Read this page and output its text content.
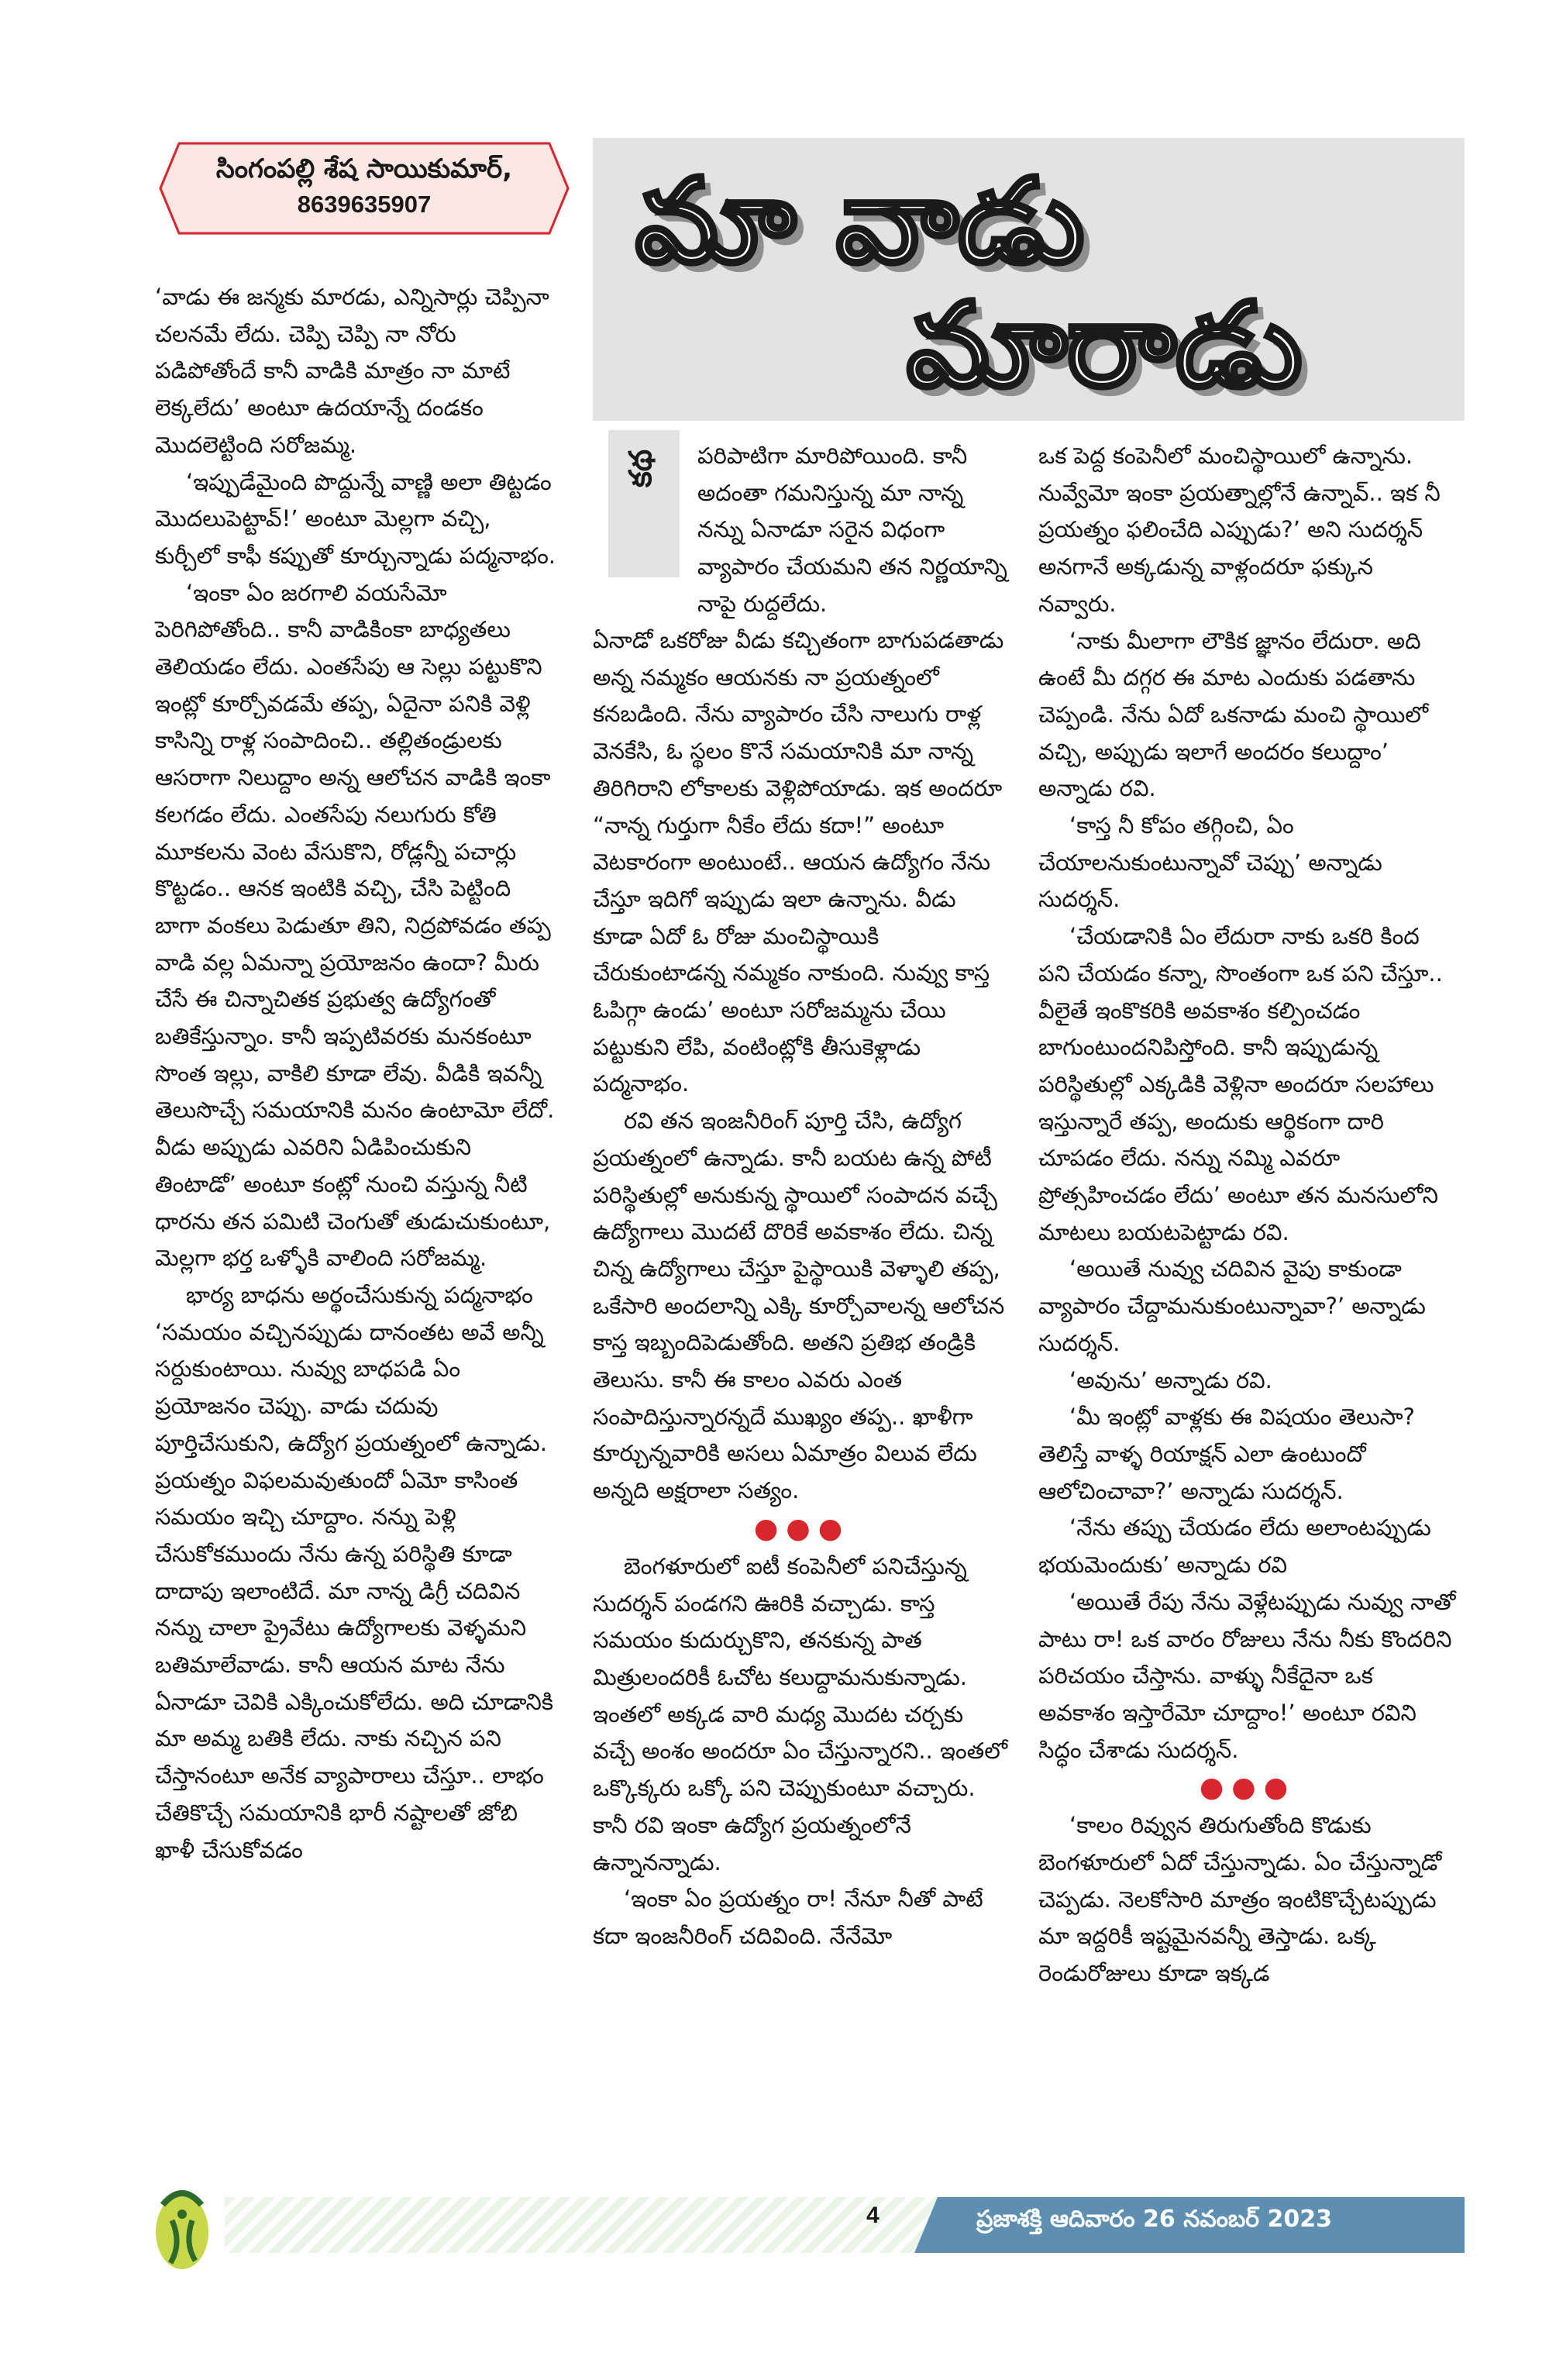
సింగంపల్లి శేష సాయికుమార్‌,
8639635907	మా వాడు
మారాడు
కథ

‘వాడు ఈ జన్మకు మారడు, ఎన్నిసార్లు చెప్పినా చలనమే లేదు. చెప్పి చెప్పి నా నోరు పడిపోతోందే కానీ వాడికి మాత్రం నా మాటే లెక్కలేదు’ అంటూ ఉదయాన్నే దండకం మొదలెట్టింది సరోజమ్మ.

‘ఇప్పుడేమైంది పొద్దున్నే వాణ్ణి అలా తిట్టడం మొదలుపెట్టావ్‌!’ అంటూ మెల్లగా వచ్చి, కుర్చీలో కాఫీ కప్పుతో కూర్చున్నాడు పద్మనాభం.

‘ఇంకా ఏం జరగాలి వయసేమో పెరిగిపోతోంది.. కానీ వాడికింకా బాధ్యతలు తెలియడం లేదు. ఎంతసేపు ఆ సెల్లు పట్టుకొని ఇంట్లో కూర్చోవడమే తప్ప, ఏదైనా పనికి వెళ్లి కాసిన్ని రాళ్ల సంపాదించి.. తల్లితండ్రులకు ఆసరాగా నిలుద్దాం అన్న ఆలోచన వాడికి ఇంకా కలగడం లేదు. ఎంతసేపు నలుగురు కోతి మూకలను వెంట వేసుకొని, రోడ్లన్నీ పచార్లు కొట్టడం.. ఆనక ఇంటికి వచ్చి, చేసి పెట్టింది బాగా వంకలు పెడుతూ తిని, నిద్రపోవడం తప్ప వాడి వల్ల ఏమన్నా ప్రయోజనం ఉందా? మీరు చేసే ఈ చిన్నాచితక ప్రభుత్వ ఉద్యోగంతో బతికేస్తున్నాం. కానీ ఇప్పటివరకు మనకంటూ సొంత ఇల్లు, వాకిలి కూడా లేవు. వీడికి ఇవన్నీ తెలుసొచ్చే సమయానికి మనం ఉంటామో లేదో. వీడు అప్పుడు ఎవరిని ఏడిపించుకుని తింటాడో’ అంటూ కంట్లో నుంచి వస్తున్న నీటి ధారను తన పమిటి చెంగుతో తుడుచుకుంటూ, మెల్లగా భర్త ఒళ్ళోకి వాలింది సరోజమ్మ.

భార్య బాధను అర్థంచేసుకున్న పద్మనాభం ‘సమయం వచ్చినప్పుడు దానంతట అవే అన్నీ సర్దుకుంటాయి. నువ్వు బాధపడి ఏం ప్రయోజనం చెప్పు. వాడు చదువు పూర్తిచేసుకుని, ఉద్యోగ ప్రయత్నంలో ఉన్నాడు. ప్రయత్నం విఫలమవుతుందో ఏమో కాసింత సమయం ఇచ్చి చూద్దాం. నన్ను పెళ్లి చేసుకోకముందు నేను ఉన్న పరిస్థితి కూడా దాదాపు ఇలాంటిదే. మా నాన్న డిగ్రీ చదివిన నన్ను చాలా ప్రైవేటు ఉద్యోగాలకు వెళ్ళమని బతిమాలేవాడు. కానీ ఆయన మాట నేను ఏనాడూ చెవికి ఎక్కించుకోలేదు. అది చూడానికి మా అమ్మ బతికి లేదు. నాకు నచ్చిన పని చేస్తానంటూ అనేక వ్యాపారాలు చేస్తూ.. లాభం చేతికొచ్చే సమయానికి భారీ నష్టాలతో జోబి ఖాళీ చేసుకోవడం

పరిపాటిగా మారిపోయింది. కానీ అదంతా గమనిస్తున్న మా నాన్న నన్ను ఏనాడూ సరైన విధంగా వ్యాపారం చేయమని తన నిర్ణయాన్ని నాపై రుద్దలేదు.

ఏనాడో ఒకరోజు వీడు కచ్చితంగా బాగుపడతాడు అన్న నమ్మకం ఆయనకు నా ప్రయత్నంలో కనబడింది. నేను వ్యాపారం చేసి నాలుగు రాళ్ల వెనకేసి, ఓ స్థలం కొనే సమయానికి మా నాన్న తిరిగిరాని లోకాలకు వెళ్లిపోయాడు. ఇక అందరూ “నాన్న గుర్తుగా నీకేం లేదు కదా!” అంటూ వెటకారంగా అంటుంటే.. ఆయన ఉద్యోగం నేను చేస్తూ ఇదిగో ఇప్పుడు ఇలా ఉన్నాను. వీడు కూడా ఏదో ఓ రోజు మంచిస్థాయికి చేరుకుంటాడన్న నమ్మకం నాకుంది. నువ్వు కాస్త ఓపిగ్గా ఉండు’ అంటూ సరోజమ్మను చేయి పట్టుకుని లేపి, వంటింట్లోకి తీసుకెళ్లాడు పద్మనాభం.

రవి తన ఇంజనీరింగ్‌ పూర్తి చేసి, ఉద్యోగ ప్రయత్నంలో ఉన్నాడు. కానీ బయట ఉన్న పోటీ పరిస్థితుల్లో అనుకున్న స్థాయిలో సంపాదన వచ్చే ఉద్యోగాలు మొదటే దొరికే అవకాశం లేదు. చిన్న చిన్న ఉద్యోగాలు చేస్తూ పైస్థాయికి వెళ్ళాలి తప్ప, ఒకేసారి అందలాన్ని ఎక్కి కూర్చోవాలన్న ఆలోచన కాస్త ఇబ్బందిపెడుతోంది. అతని ప్రతిభ తండ్రికి తెలుసు. కానీ ఈ కాలం ఎవరు ఎంత సంపాదిస్తున్నారన్నదే ముఖ్యం తప్ప.. ఖాళీగా కూర్చున్నవారికి అసలు ఏమాత్రం విలువ లేదు అన్నది అక్షరాలా సత్యం.

●●●

బెంగళూరులో ఐటీ కంపెనీలో పనిచేస్తున్న సుదర్శన్‌ పండగని ఊరికి వచ్చాడు. కాస్త సమయం కుదుర్చుకొని, తనకున్న పాత మిత్రులందరికీ ఓచోట కలుద్దామనుకున్నాడు. ఇంతలో అక్కడ వారి మధ్య మొదట చర్చకు వచ్చే అంశం అందరూ ఏం చేస్తున్నారని.. ఇంతలో ఒక్కొక్కరు ఒక్కో పని చెప్పుకుంటూ వచ్చారు. కానీ రవి ఇంకా ఉద్యోగ ప్రయత్నంలోనే ఉన్నానన్నాడు.

‘ఇంకా ఏం ప్రయత్నం రా! నేనూ నీతో పాటే కదా ఇంజనీరింగ్‌ చదివింది. నేనేమో

ఒక పెద్ద కంపెనీలో మంచిస్థాయిలో ఉన్నాను. నువ్వేమో ఇంకా ప్రయత్నాల్లోనే ఉన్నావ్‌.. ఇక నీ ప్రయత్నం ఫలించేది ఎప్పుడు?’ అని సుదర్శన్‌ అనగానే అక్కడున్న వాళ్లందరూ ఫక్కున నవ్వారు.

‘నాకు మీలాగా లౌకిక జ్ఞానం లేదురా. అది ఉంటే మీ దగ్గర ఈ మాట ఎందుకు పడతాను చెప్పండి. నేను ఏదో ఒకనాడు మంచి స్థాయిలో వచ్చి, అప్పుడు ఇలాగే అందరం కలుద్దాం’ అన్నాడు రవి.

‘కాస్త నీ కోపం తగ్గించి, ఏం చేయాలనుకుంటున్నావో చెప్పు’ అన్నాడు సుదర్శన్‌.

‘చేయడానికి ఏం లేదురా నాకు ఒకరి కింద పని చేయడం కన్నా, సొంతంగా ఒక పని చేస్తూ.. వీలైతే ఇంకొకరికి అవకాశం కల్పించడం బాగుంటుందనిపిస్తోంది. కానీ ఇప్పుడున్న పరిస్థితుల్లో ఎక్కడికి వెళ్లినా అందరూ సలహాలు ఇస్తున్నారే తప్ప, అందుకు ఆర్థికంగా దారి చూపడం లేదు. నన్ను నమ్మి ఎవరూ ప్రోత్సహించడం లేదు’ అంటూ తన మనసులోని మాటలు బయటపెట్టాడు రవి.

‘అయితే నువ్వు చదివిన వైపు కాకుండా వ్యాపారం చేద్దామనుకుంటున్నావా?’ అన్నాడు సుదర్శన్‌.

‘అవును’ అన్నాడు రవి.

‘మీ ఇంట్లో వాళ్లకు ఈ విషయం తెలుసా? తెలిస్తే వాళ్ళ రియాక్షన్‌ ఎలా ఉంటుందో ఆలోచించావా?’ అన్నాడు సుదర్శన్‌.

‘నేను తప్పు చేయడం లేదు అలాంటప్పుడు భయమెందుకు’ అన్నాడు రవి

‘అయితే రేపు నేను వెళ్లేటప్పుడు నువ్వు నాతో పాటు రా! ఒక వారం రోజులు నేను నీకు కొందరిని పరిచయం చేస్తాను. వాళ్ళు నీకేదైనా ఒక అవకాశం ఇస్తారేమో చూద్దాం!’ అంటూ రవిని సిద్ధం చేశాడు సుదర్శన్‌.

●●●

‘కాలం రివ్వున తిరుగుతోంది కొడుకు బెంగళూరులో ఏదో చేస్తున్నాడు. ఏం చేస్తున్నాడో చెప్పడు. నెలకోసారి మాత్రం ఇంటికొచ్చేటప్పుడు మా ఇద్దరికీ ఇష్టమైనవన్నీ తెస్తాడు. ఒక్క రెండురోజులు కూడా ఇక్కడ

4	ప్రజాశక్తి ఆదివారం 26 నవంబర్‌ 2023
